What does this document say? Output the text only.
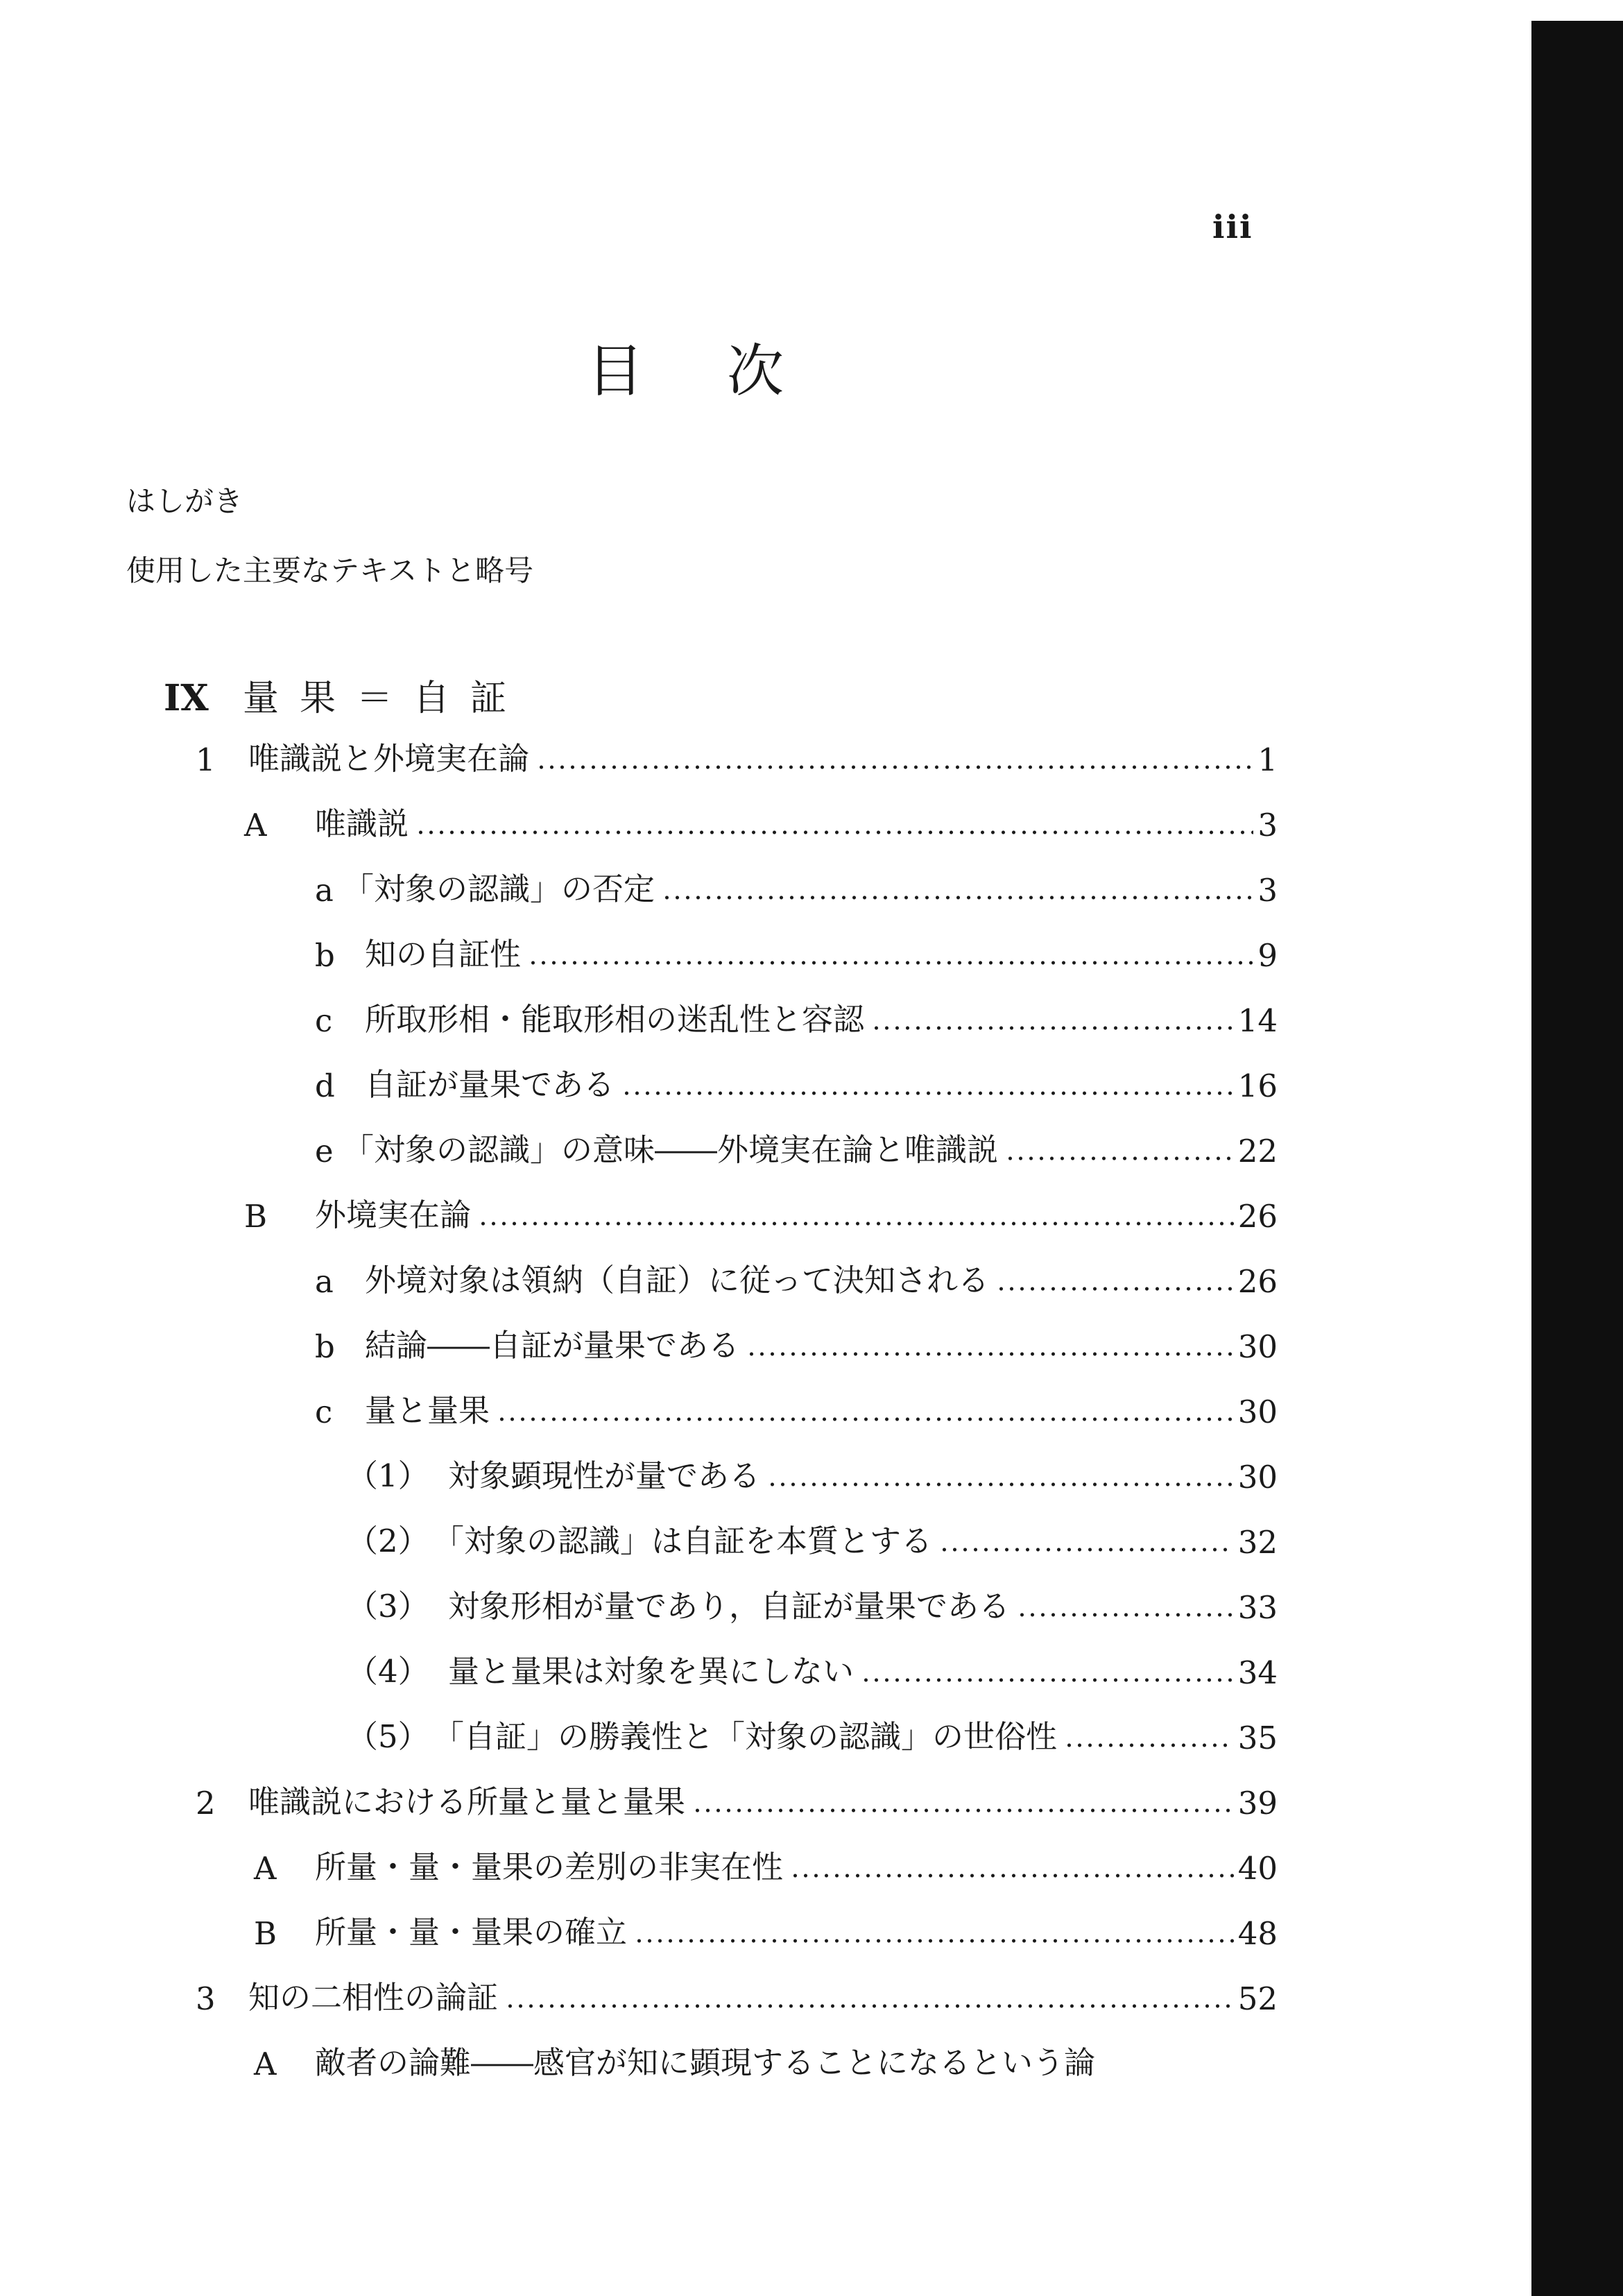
iii
目次
はしがき
使用した主要なテキストと略号
IX 量果＝自証
1	唯識説と外境実在論	1
A	唯識説	3
a 「対象の認識」の否定	3
b 知の自証性	9
c	所取形相・能取形相の迷乱性と容認	14
d 自証が量果である	16
e 「対象の認識」の意味――外境実在論と唯識説	22
B	外境実在論	26
a	外境対象は領納（自証）に従って決知される	26
b 結論――自証が量果である	30
c	量と量果	30
（1） 対象顕現性が量である	30
（2） 「対象の認識」は自証を本質とする	32
（3） 対象形相が量であり，自証が量果である	33
（4） 量と量果は対象を異にしない	34
（5） 「自証」の勝義性と「対象の認識」の世俗性	35
2	唯識説における所量と量と量果	39
A	所量・量・量果の差別の非実在性	40
B	所量・量・量果の確立	48
3	知の二相性の論証	52
A	敵者の論難――感官が知に顕現することになるという論
